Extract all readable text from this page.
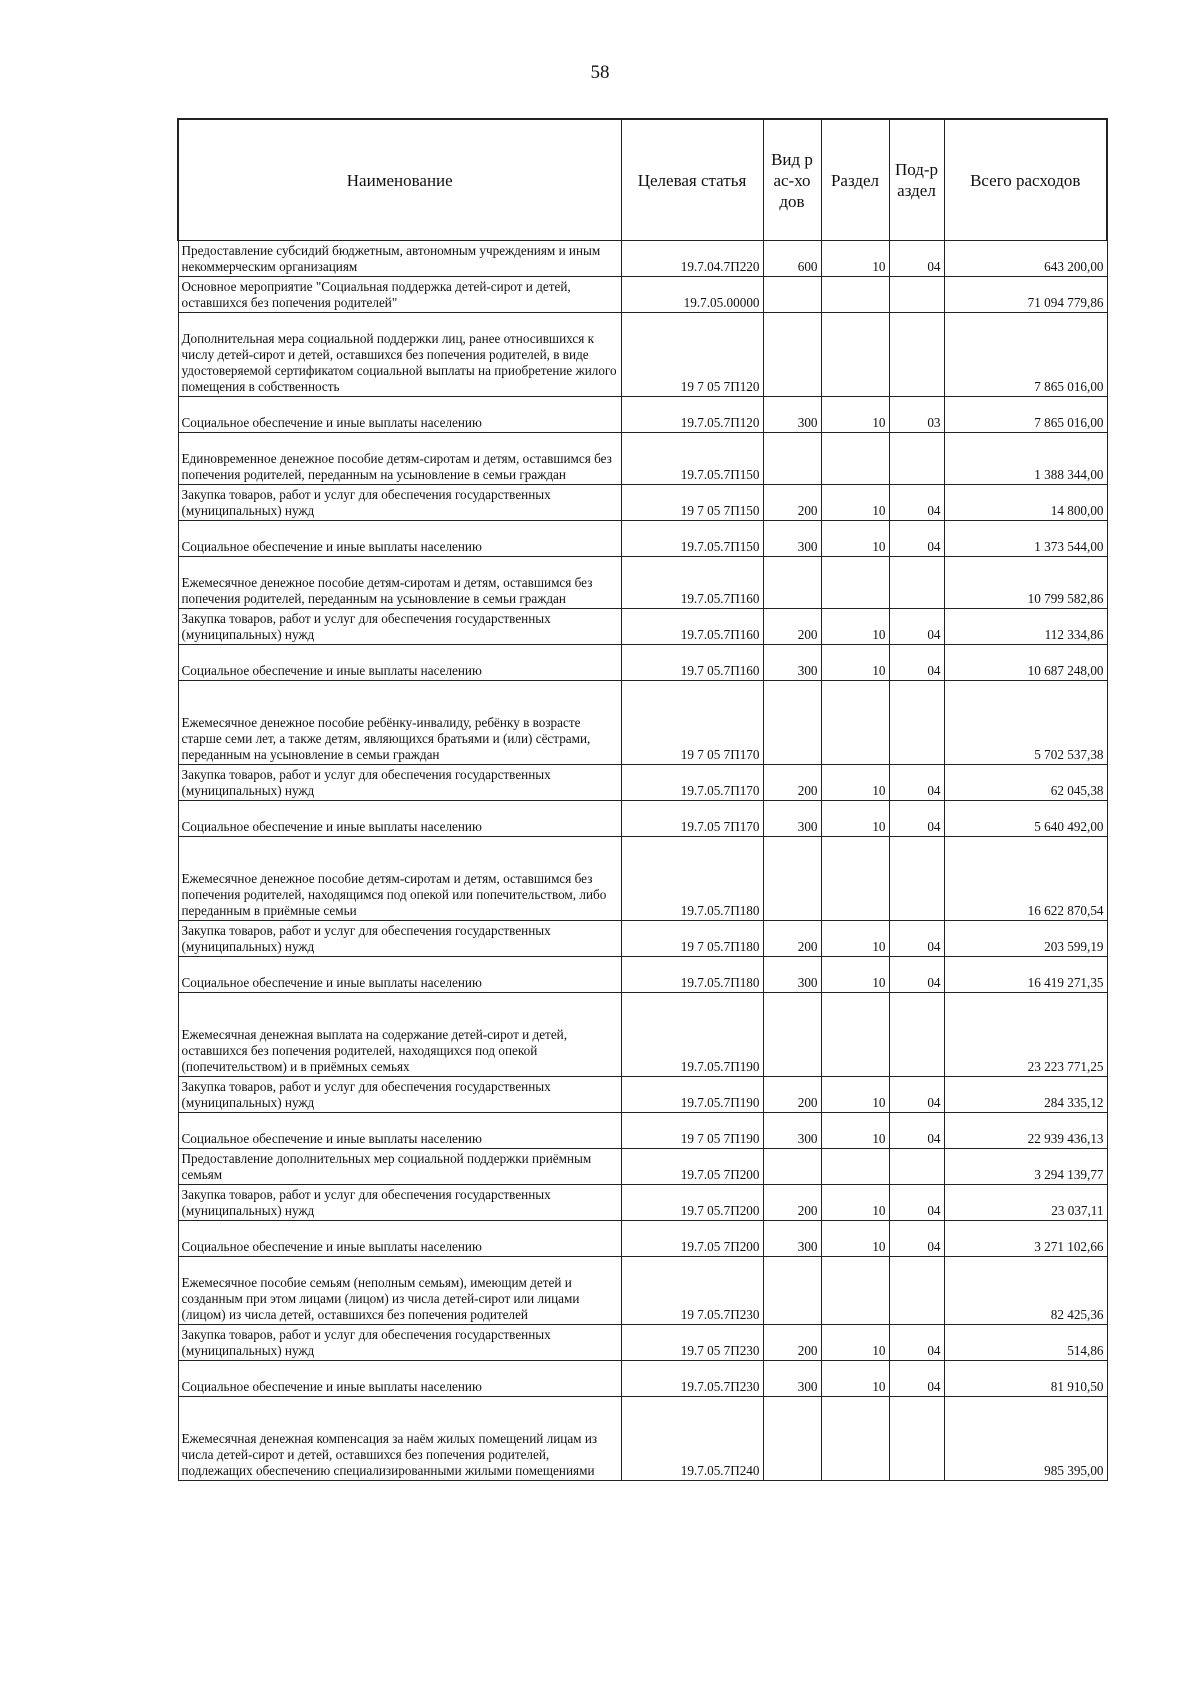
58
Наименование	Целевая статья	Вид рас-ходов	Раздел	Под-раздел	Всего расходов
Предоставление субсидий бюджетным, автономным учреждениям и иным некоммерческим организациям	19.7.04.7П220	600	10	04	643 200,00
Основное мероприятие "Социальная поддержка детей-сирот и детей, оставшихся без попечения родителей"	19.7.05.00000				71 094 779,86
Дополнительная мера социальной поддержки лиц, ранее относившихся к числу детей-сирот и детей, оставшихся без попечения родителей, в виде удостоверяемой сертификатом социальной выплаты на приобретение жилого помещения в собственность	19 7 05 7П120				7 865 016,00
Социальное обеспечение и иные выплаты населению	19.7.05.7П120	300	10	03	7 865 016,00
Единовременное денежное пособие детям-сиротам и детям, оставшимся без попечения родителей, переданным на усыновление в семьи граждан	19.7.05.7П150				1 388 344,00
Закупка товаров, работ и услуг для обеспечения государственных (муниципальных) нужд	19 7 05 7П150	200	10	04	14 800,00
Социальное обеспечение и иные выплаты населению	19.7.05.7П150	300	10	04	1 373 544,00
Ежемесячное денежное пособие детям-сиротам и детям, оставшимся без попечения родителей, переданным на усыновление в семьи граждан	19.7.05.7П160				10 799 582,86
Закупка товаров, работ и услуг для обеспечения государственных (муниципальных) нужд	19.7.05.7П160	200	10	04	112 334,86
Социальное обеспечение и иные выплаты населению	19.7 05.7П160	300	10	04	10 687 248,00
Ежемесячное денежное пособие ребёнку-инвалиду, ребёнку в возрасте старше семи лет, а также детям, являющихся братьями и (или) сёстрами, переданным на усыновление в семьи граждан	19 7 05 7П170				5 702 537,38
Закупка товаров, работ и услуг для обеспечения государственных (муниципальных) нужд	19.7.05.7П170	200	10	04	62 045,38
Социальное обеспечение и иные выплаты населению	19.7.05 7П170	300	10	04	5 640 492,00
Ежемесячное денежное пособие детям-сиротам и детям, оставшимся без попечения родителей, находящимся под опекой или попечительством, либо переданным в приёмные семьи	19.7.05.7П180				16 622 870,54
Закупка товаров, работ и услуг для обеспечения государственных (муниципальных) нужд	19 7 05.7П180	200	10	04	203 599,19
Социальное обеспечение и иные выплаты населению	19.7.05.7П180	300	10	04	16 419 271,35
Ежемесячная денежная выплата на содержание детей-сирот и детей, оставшихся без попечения родителей, находящихся под опекой (попечительством) и в приёмных семьях	19.7.05.7П190				23 223 771,25
Закупка товаров, работ и услуг для обеспечения государственных (муниципальных) нужд	19.7.05.7П190	200	10	04	284 335,12
Социальное обеспечение и иные выплаты населению	19 7 05 7П190	300	10	04	22 939 436,13
Предоставление дополнительных мер социальной поддержки приёмным семьям	19.7.05 7П200				3 294 139,77
Закупка товаров, работ и услуг для обеспечения государственных (муниципальных) нужд	19.7 05.7П200	200	10	04	23 037,11
Социальное обеспечение и иные выплаты населению	19.7.05 7П200	300	10	04	3 271 102,66
Ежемесячное пособие семьям (неполным семьям), имеющим детей и созданным при этом лицами (лицом) из числа детей-сирот или лицами (лицом) из числа детей, оставшихся без попечения родителей	19 7.05.7П230				82 425,36
Закупка товаров, работ и услуг для обеспечения государственных (муниципальных) нужд	19.7 05 7П230	200	10	04	514,86
Социальное обеспечение и иные выплаты населению	19.7.05.7П230	300	10	04	81 910,50
Ежемесячная денежная компенсация за наём жилых помещений лицам из числа детей-сирот и детей, оставшихся без попечения родителей, подлежащих обеспечению специализированными жилыми помещениями	19.7.05.7П240				985 395,00
